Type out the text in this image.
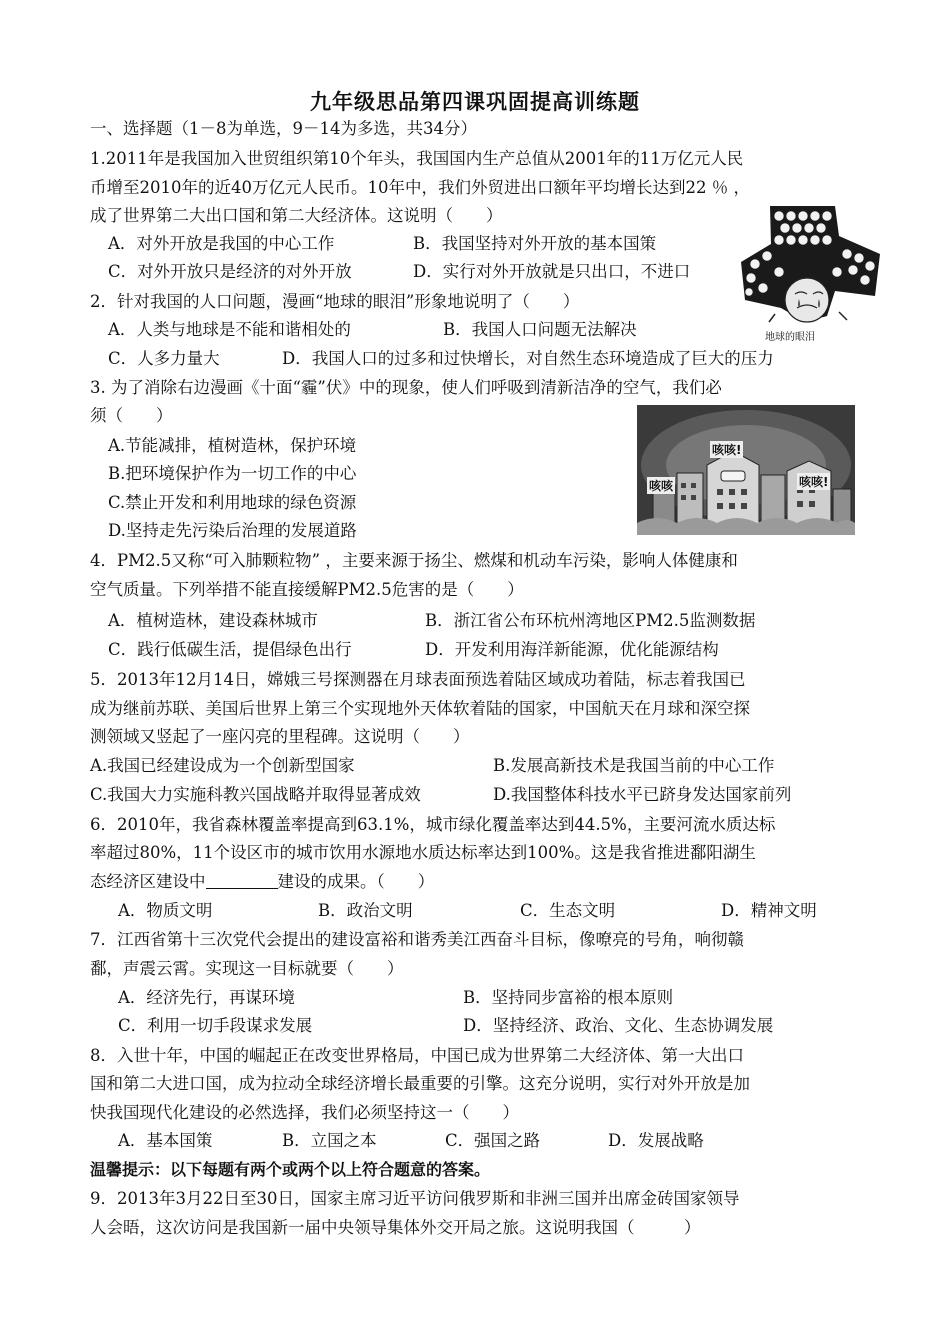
九年级思品第四课巩固提高训练题
一、选择题（1－8为单选，9－14为多选，共34分）
1.2011年是我国加入世贸组织第10个年头，我国国内生产总值从2001年的11万亿元人民
币增至2010年的近40万亿元人民币。10年中，我们外贸进出口额年平均增长达到22 ％ ，
成了世界第二大出口国和第二大经济体。这说明（　　）
A．对外开放是我国的中心工作	B．我国坚持对外开放的基本国策
C．对外开放只是经济的对外开放	D．实行对外开放就是只出口，不进口
地球的眼泪
2．针对我国的人口问题，漫画“地球的眼泪”形象地说明了（　　）
A．人类与地球是不能和谐相处的	B．我国人口问题无法解决
C．人多力量大	D．我国人口的过多和过快增长，对自然生态环境造成了巨大的压力
3. 为了消除右边漫画《十面“霾”伏》中的现象，使人们呼吸到清新洁净的空气，我们必
须（　　）
A.节能减排，植树造林，保护环境
B.把环境保护作为一切工作的中心
C.禁止开发和利用地球的绿色资源
D.坚持走先污染后治理的发展道路
咳咳!
咳咳	咳咳!
4．PM2.5又称“可入肺颗粒物” ，主要来源于扬尘、燃煤和机动车污染，影响人体健康和
空气质量。下列举措不能直接缓解PM2.5危害的是（　　）
A．植树造林，建设森林城市	B．浙江省公布环杭州湾地区PM2.5监测数据
C．践行低碳生活，提倡绿色出行	D．开发利用海洋新能源，优化能源结构
5．2013年12月14日，嫦娥三号探测器在月球表面预选着陆区域成功着陆，标志着我国已
成为继前苏联、美国后世界上第三个实现地外天体软着陆的国家，中国航天在月球和深空探
测领域又竖起了一座闪亮的里程碑。这说明（　　）
A.我国已经建设成为一个创新型国家	B.发展高新技术是我国当前的中心工作
C.我国大力实施科教兴国战略并取得显著成效	D.我国整体科技水平已跻身发达国家前列
6．2010年，我省森林覆盖率提高到63.1%，城市绿化覆盖率达到44.5%，主要河流水质达标
率超过80%，11个设区市的城市饮用水源地水质达标率达到100%。这是我省推进鄱阳湖生
态经济区建设中	建设的成果。（　　）
A．物质文明	B．政治文明	C．生态文明	D．精神文明
7．江西省第十三次党代会提出的建设富裕和谐秀美江西奋斗目标，像嘹亮的号角，响彻赣
鄱，声震云霄。实现这一目标就要（　　）
A．经济先行，再谋环境	B．坚持同步富裕的根本原则
C．利用一切手段谋求发展	D．坚持经济、政治、文化、生态协调发展
8．入世十年，中国的崛起正在改变世界格局，中国已成为世界第二大经济体、第一大出口
国和第二大进口国，成为拉动全球经济增长最重要的引擎。这充分说明，实行对外开放是加
快我国现代化建设的必然选择，我们必须坚持这一（　　）
A．基本国策	B．立国之本	C．强国之路	D．发展战略
温馨提示：以下每题有两个或两个以上符合题意的答案。
9．2013年3月22日至30日，国家主席习近平访问俄罗斯和非洲三国并出席金砖国家领导
人会晤，这次访问是我国新一届中央领导集体外交开局之旅。这说明我国（　　　）
